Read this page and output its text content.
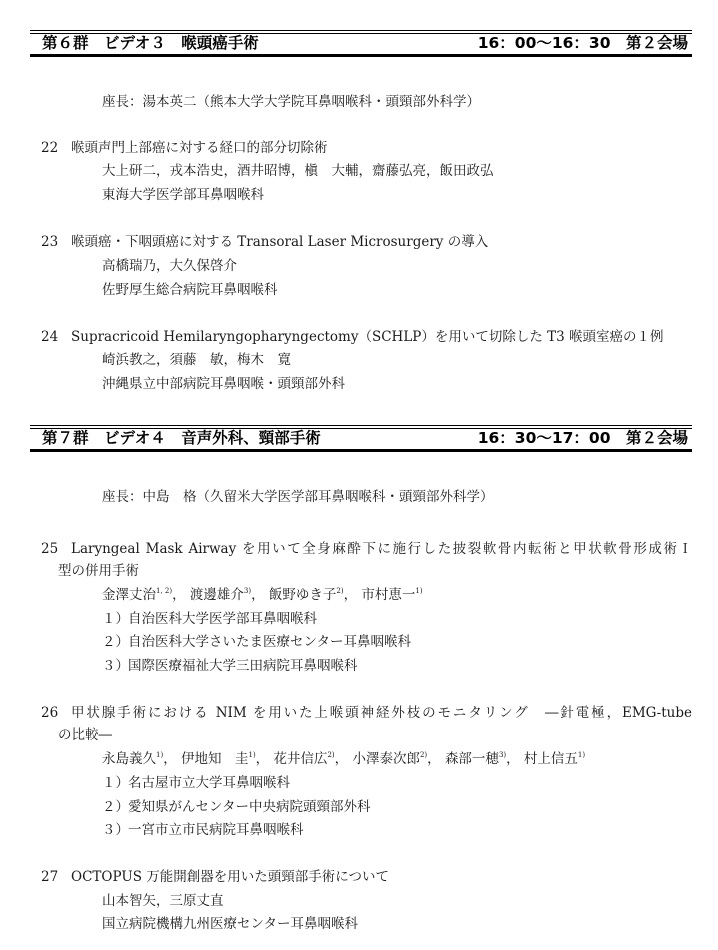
第６群　ビデオ３　喉頭癌手術	16：00〜16：30　第２会場
座長：湯本英二（熊本大学大学院耳鼻咽喉科・頭頸部外科学）
22 喉頭声門上部癌に対する経口的部分切除術
大上研二，戎本浩史，酒井昭博，槇　大輔，齋藤弘亮，飯田政弘
東海大学医学部耳鼻咽喉科
23 喉頭癌・下咽頭癌に対する Transoral Laser Microsurgery の導入
高橋瑞乃，大久保啓介
佐野厚生総合病院耳鼻咽喉科
24 Supracricoid Hemilaryngopharyngectomy（SCHLP）を用いて切除した T3 喉頭室癌の１例
崎浜教之，須藤　敏，梅木　寛
沖縄県立中部病院耳鼻咽喉・頭頸部外科
第７群　ビデオ４　音声外科、頸部手術	16：30〜17：00　第２会場
座長：中島　格（久留米大学医学部耳鼻咽喉科・頭頸部外科学）
25 Laryngeal Mask Airway を用いて全身麻酔下に施行した披裂軟骨内転術と甲状軟骨形成術Ｉ
型の併用手術
金澤丈治$^{1, 2)}$， 渡邊雄介$^{3)}$， 飯野ゆき子$^{2)}$， 市村恵一$^{1)}$
１）自治医科大学医学部耳鼻咽喉科
２）自治医科大学さいたま医療センター耳鼻咽喉科
３）国際医療福祉大学三田病院耳鼻咽喉科
26 甲状腺手術における NIM を用いた上喉頭神経外枝のモニタリング　―針電極，EMG-tube
の比較―
永島義久$^{1)}$， 伊地知　圭$^{1)}$， 花井信広$^{2)}$， 小澤泰次郎$^{2)}$， 森部一穂$^{3)}$， 村上信五$^{1)}$
１）名古屋市立大学耳鼻咽喉科
２）愛知県がんセンター中央病院頭頸部外科
３）一宮市立市民病院耳鼻咽喉科
27 OCTOPUS 万能開創器を用いた頭頸部手術について
山本智矢，三原丈直
国立病院機構九州医療センター耳鼻咽喉科
